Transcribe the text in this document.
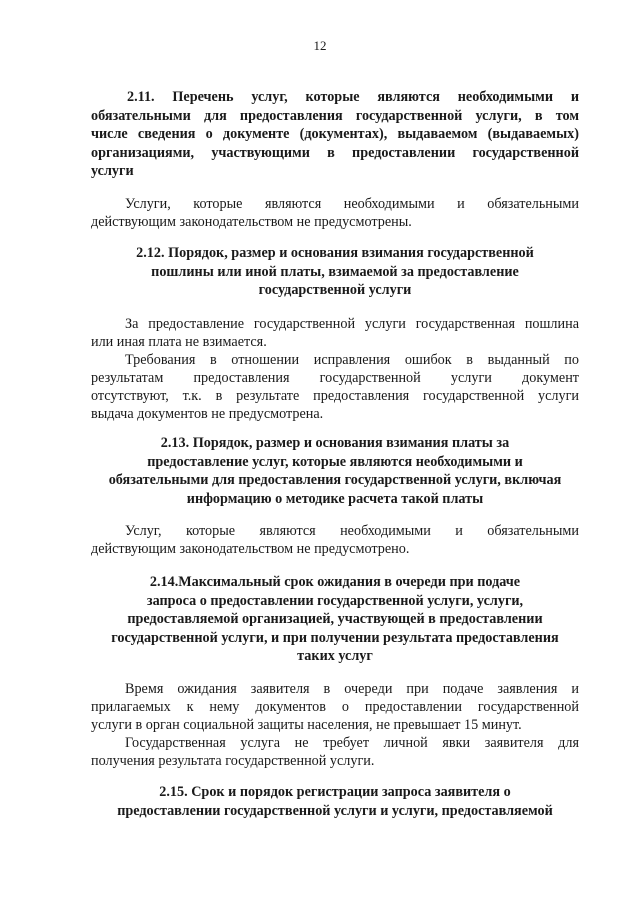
12
2.11. Перечень услуг, которые являются необходимыми и
обязательными для предоставления государственной услуги, в том
числе сведения о документе (документах), выдаваемом (выдаваемых)
организациями, участвующими в предоставлении государственной
услуги
Услуги, которые являются необходимыми и обязательными
действующим законодательством не предусмотрены.
2.12. Порядок, размер и основания взимания государственной
пошлины или иной платы, взимаемой за предоставление
государственной услуги
За предоставление государственной услуги государственная пошлина
или иная плата не взимается.
Требования в отношении исправления ошибок в выданный по
результатам предоставления государственной услуги документ
отсутствуют, т.к. в результате предоставления государственной услуги
выдача документов не предусмотрена.
2.13. Порядок, размер и основания взимания платы за
предоставление услуг, которые являются необходимыми и
обязательными для предоставления государственной услуги, включая
информацию о методике расчета такой платы
Услуг, которые являются необходимыми и обязательными
действующим законодательством не предусмотрено.
2.14.Максимальный срок ожидания в очереди при подаче
запроса о предоставлении государственной услуги, услуги,
предоставляемой организацией, участвующей в предоставлении
государственной услуги, и при получении результата предоставления
таких услуг
Время ожидания заявителя в очереди при подаче заявления и
прилагаемых к нему документов о предоставлении государственной
услуги в орган социальной защиты населения, не превышает 15 минут.
Государственная услуга не требует личной явки заявителя для
получения результата государственной услуги.
2.15. Срок и порядок регистрации запроса заявителя о
предоставлении государственной услуги и услуги, предоставляемой
